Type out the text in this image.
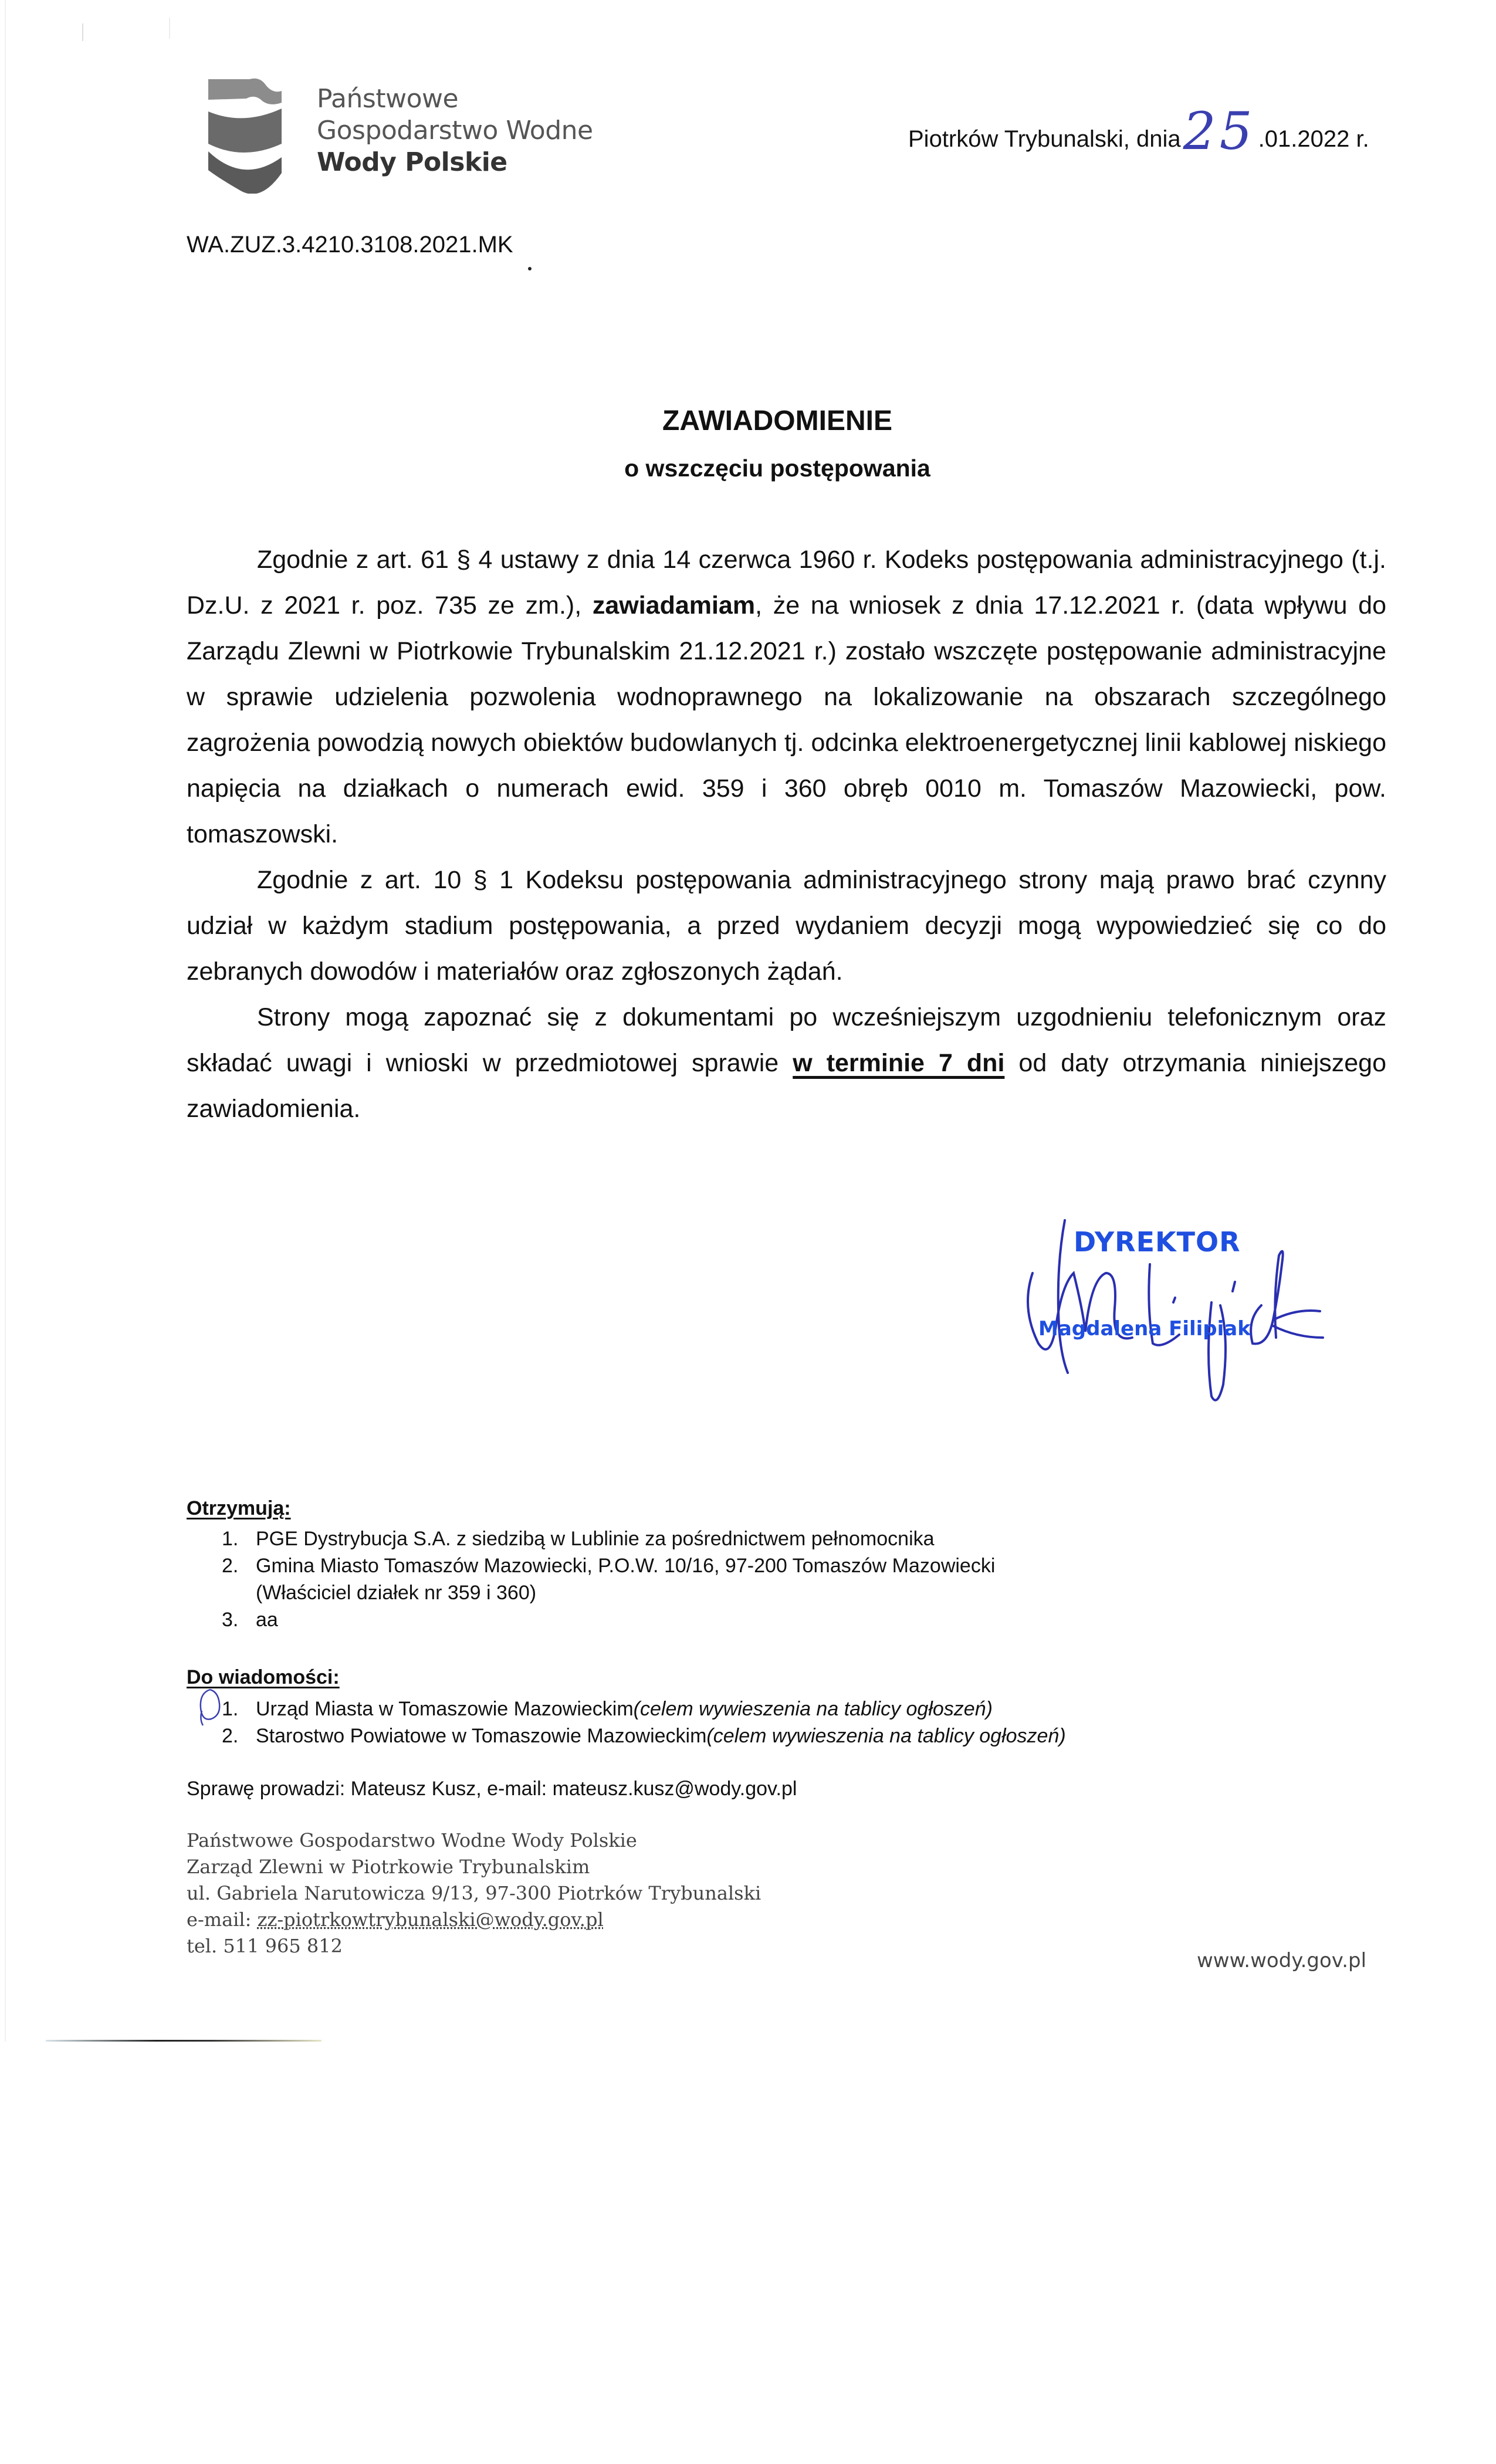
Państwowe
Gospodarstwo Wodne
Wody Polskie
Piotrków Trybunalski, dnia25 .01.2022 r.
WA.ZUZ.3.4210.3108.2021.MK
ZAWIADOMIENIE
o wszczęciu postępowania

Zgodnie z art. 61 § 4 ustawy z dnia 14 czerwca 1960 r. Kodeks postępowania administracyjnego (t.j. Dz.U. z 2021 r. poz. 735 ze zm.), zawiadamiam, że na wniosek z dnia 17.12.2021 r. (data wpływu do Zarządu Zlewni w Piotrkowie Trybunalskim 21.12.2021 r.) zostało wszczęte postępowanie administracyjne w sprawie udzielenia pozwolenia wodnoprawnego na lokalizowanie na obszarach szczególnego zagrożenia powodzią nowych obiektów budowlanych tj. odcinka elektroenergetycznej linii kablowej niskiego napięcia na działkach o numerach ewid. 359 i 360 obręb 0010 m. Tomaszów Mazowiecki, pow. tomaszowski.

Zgodnie z art. 10 § 1 Kodeksu postępowania administracyjnego strony mają prawo brać czynny udział w każdym stadium postępowania, a przed wydaniem decyzji mogą wypowiedzieć się co do zebranych dowodów i materiałów oraz zgłoszonych żądań.

Strony mogą zapoznać się z dokumentami po wcześniejszym uzgodnieniu telefonicznym oraz składać uwagi i wnioski w przedmiotowej sprawie w terminie 7 dni od daty otrzymania niniejszego zawiadomienia.

DYREKTOR
Magdalena Filipiak
Otrzymują:
1. PGE Dystrybucja S.A. z siedzibą w Lublinie za pośrednictwem pełnomocnika
2. Gmina Miasto Tomaszów Mazowiecki, P.O.W. 10/16, 97-200 Tomaszów Mazowiecki
(Właściciel działek nr 359 i 360)
3. aa
Do wiadomości:
1. Urząd Miasta w Tomaszowie Mazowieckim(celem wywieszenia na tablicy ogłoszeń)
2. Starostwo Powiatowe w Tomaszowie Mazowieckim(celem wywieszenia na tablicy ogłoszeń)
Sprawę prowadzi: Mateusz Kusz, e-mail: mateusz.kusz@wody.gov.pl
Państwowe Gospodarstwo Wodne Wody Polskie
Zarząd Zlewni w Piotrkowie Trybunalskim
ul. Gabriela Narutowicza 9/13, 97-300 Piotrków Trybunalski
e-mail: zz-piotrkowtrybunalski@wody.gov.pl
tel. 511 965 812
www.wody.gov.pl
